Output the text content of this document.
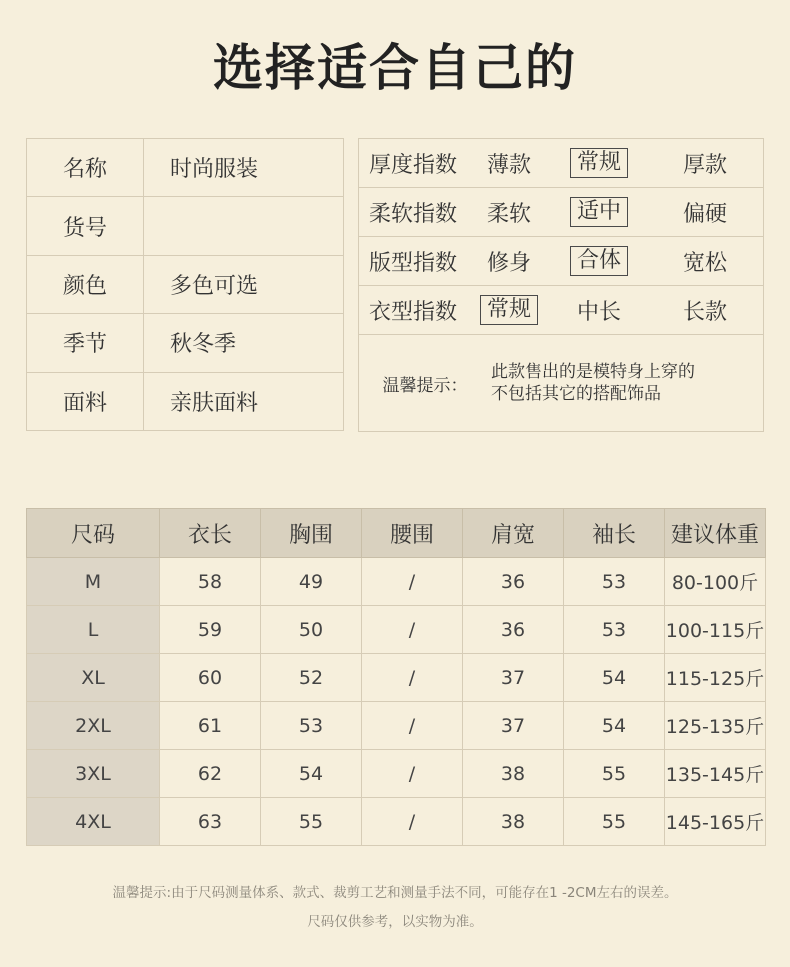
选择适合自己的
名称	时尚服装
货号	
颜色	多色可选
季节	秋冬季
面料	亲肤面料
厚度指数	薄款	常规	厚款
柔软指数	柔软	适中	偏硬
版型指数	修身	合体	宽松
衣型指数	常规	中长	长款

温馨提示：
此款售出的是模特身上穿的
不包括其它的搭配饰品			
尺码	衣长	胸围	腰围	肩宽	袖长	建议体重
M	58	49	/	36	53	80-100斤
L	59	50	/	36	53	100-115斤
XL	60	52	/	37	54	115-125斤
2XL	61	53	/	37	54	125-135斤
3XL	62	54	/	38	55	135-145斤
4XL	63	55	/	38	55	145-165斤
温馨提示:由于尺码测量体系、款式、裁剪工艺和测量手法不同，可能存在1 -2CM左右的误差。
尺码仅供参考，以实物为准。
